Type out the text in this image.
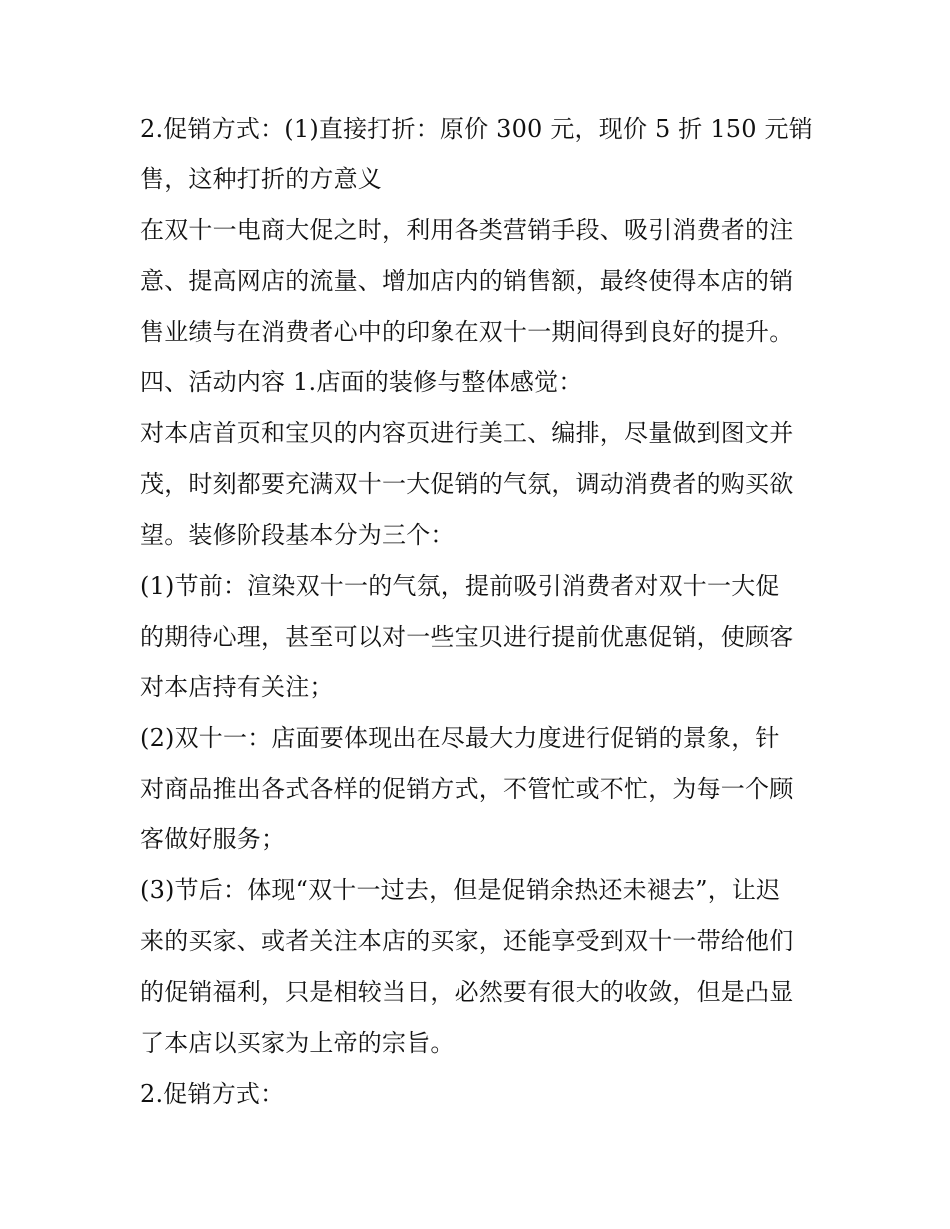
2.促销方式：(1)直接打折：原价 300 元，现价 5 折 150 元销
售，这种打折的方意义
在双十一电商大促之时，利用各类营销手段、吸引消费者的注
意、提高网店的流量、增加店内的销售额，最终使得本店的销
售业绩与在消费者心中的印象在双十一期间得到良好的提升。
四、活动内容 1.店面的装修与整体感觉：
对本店首页和宝贝的内容页进行美工、编排，尽量做到图文并
茂，时刻都要充满双十一大促销的气氛，调动消费者的购买欲
望。装修阶段基本分为三个：
(1)节前：渲染双十一的气氛，提前吸引消费者对双十一大促
的期待心理，甚至可以对一些宝贝进行提前优惠促销，使顾客
对本店持有关注；
(2)双十一：店面要体现出在尽最大力度进行促销的景象，针
对商品推出各式各样的促销方式，不管忙或不忙，为每一个顾
客做好服务；
(3)节后：体现“双十一过去，但是促销余热还未褪去”，让迟
来的买家、或者关注本店的买家，还能享受到双十一带给他们
的促销福利，只是相较当日，必然要有很大的收敛，但是凸显
了本店以买家为上帝的宗旨。
2.促销方式：
